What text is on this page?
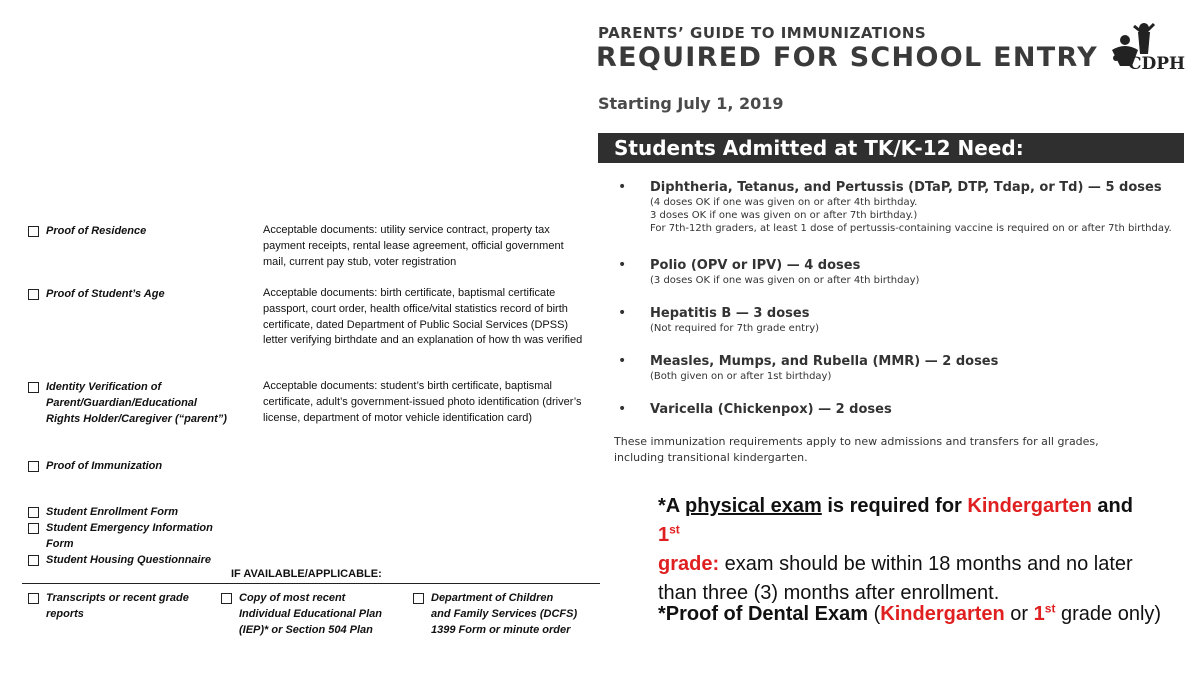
Proof of Residence	Acceptable documents: utility service contract, property tax payment receipts, rental lease agreement, official government mail, current pay stub, voter registration
Proof of Student’s Age	Acceptable documents: birth certificate, baptismal certificate passport, court order, health office/vital statistics record of birth certificate, dated Department of Public Social Services (DPSS) letter verifying birthdate and an explanation of how th was verified
Identity Verification of
Parent/Guardian/Educational
Rights Holder/Caregiver (“parent”)
Acceptable documents: student’s birth certificate, baptismal certificate, adult’s government-issued photo identification (driver’s license, department of motor vehicle identification card)
Proof of Immunization
Student Enrollment Form
Student Emergency Information
Form
Student Housing Questionnaire
IF AVAILABLE/APPLICABLE:
Transcripts or recent grade
reports
Copy of most recent
Individual Educational Plan
(IEP)* or Section 504 Plan
Department of Children
and Family Services (DCFS)
1399 Form or minute order
PARENTS’ GUIDE TO IMMUNIZATIONS
REQUIRED FOR SCHOOL ENTRY CDPH
Starting July 1, 2019
Students Admitted at TK/K-12 Need:
• Diphtheria, Tetanus, and Pertussis (DTaP, DTP, Tdap, or Td) — 5 doses
(4 doses OK if one was given on or after 4th birthday.
3 doses OK if one was given on or after 7th birthday.)
For 7th-12th graders, at least 1 dose of pertussis-containing vaccine is required on or after 7th birthday.
• Polio (OPV or IPV) — 4 doses
(3 doses OK if one was given on or after 4th birthday)
• Hepatitis B — 3 doses
(Not required for 7th grade entry)
• Measles, Mumps, and Rubella (MMR) — 2 doses
(Both given on or after 1st birthday)
• Varicella (Chickenpox) — 2 doses
These immunization requirements apply to new admissions and transfers for all grades,
including transitional kindergarten.
*A physical exam is required for Kindergarten and 1st
grade: exam should be within 18 months and no later than three (3) months after enrollment.
*Proof of Dental Exam (Kindergarten or 1st grade only)
